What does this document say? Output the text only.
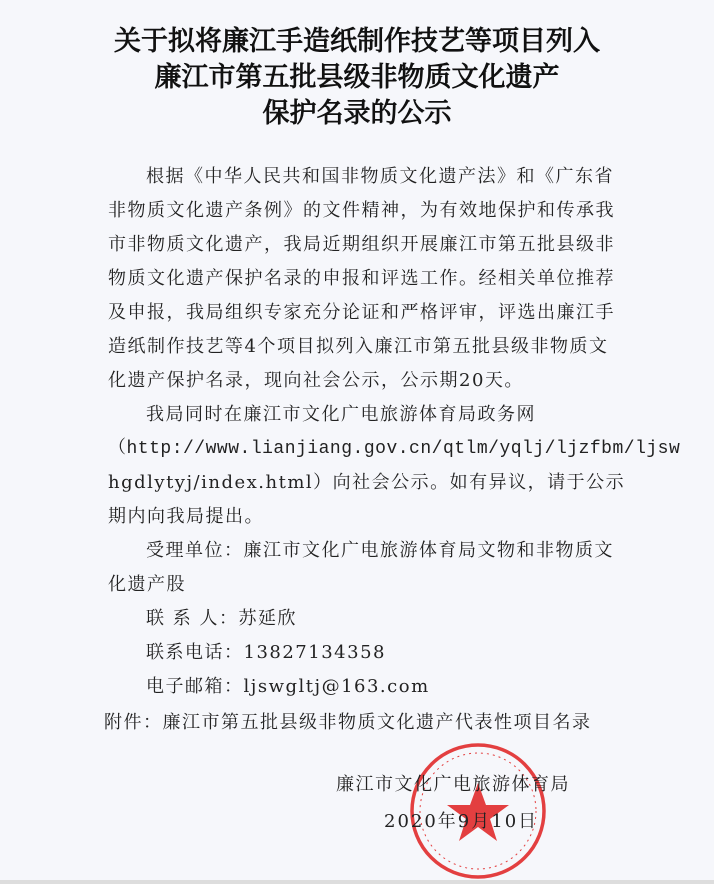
关于拟将廉江手造纸制作技艺等项目列入
廉江市第五批县级非物质文化遗产
保护名录的公示
根据《中华人民共和国非物质文化遗产法》和《广东省
非物质文化遗产条例》的文件精神，为有效地保护和传承我
市非物质文化遗产，我局近期组织开展廉江市第五批县级非
物质文化遗产保护名录的申报和评选工作。经相关单位推荐
及申报，我局组织专家充分论证和严格评审，评选出廉江手
造纸制作技艺等4个项目拟列入廉江市第五批县级非物质文
化遗产保护名录，现向社会公示，公示期20天。
我局同时在廉江市文化广电旅游体育局政务网
（http://www.lianjiang.gov.cn/qtlm/yqlj/ljzfbm/ljsw
hgdlytyj/index.html）向社会公示。如有异议，请于公示
期内向我局提出。
受理单位：廉江市文化广电旅游体育局文物和非物质文
化遗产股
联 系 人：苏延欣
联系电话：13827134358
电子邮箱：ljswgltj@163.com
附件：廉江市第五批县级非物质文化遗产代表性项目名录
廉江市文化广电旅游体育局
2020年9月10日
